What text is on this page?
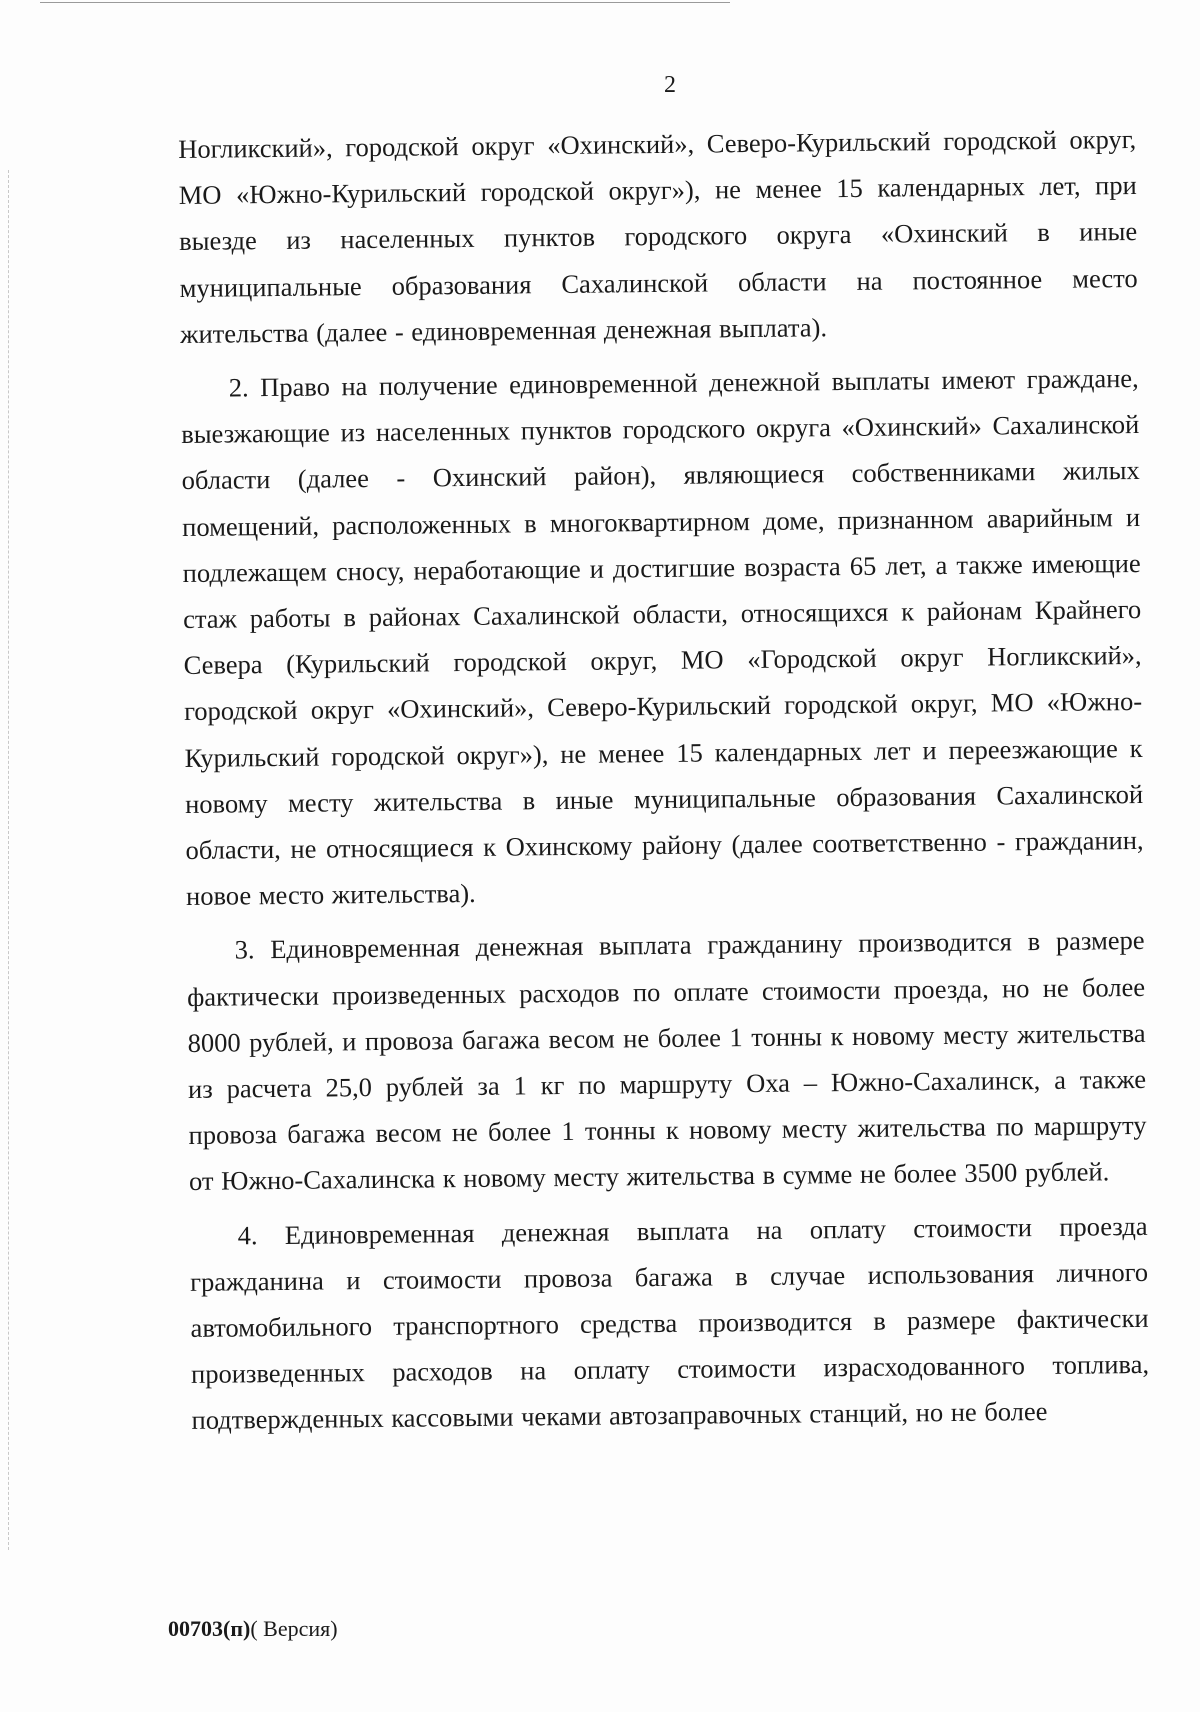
2

Ногликский», городской округ «Охинский», Северо-Курильский городской округ, МО «Южно-Курильский городской округ»), не менее 15 календарных лет, при выезде из населенных пунктов городского округа «Охинский в иные муниципальные образования Сахалинской области на постоянное место жительства (далее - единовременная денежная выплата).

2. Право на получение единовременной денежной выплаты имеют граждане, выезжающие из населенных пунктов городского округа «Охинский» Сахалинской области (далее - Охинский район), являющиеся собственниками жилых помещений, расположенных в многоквартирном доме, признанном аварийным и подлежащем сносу, неработающие и достигшие возраста 65 лет, а также имеющие стаж работы в районах Сахалинской области, относящихся к районам Крайнего Севера (Курильский городской округ, МО «Городской округ Ногликский», городской округ «Охинский», Северо-Курильский городской округ, МО «Южно-Курильский городской округ»), не менее 15 календарных лет и переезжающие к новому месту жительства в иные муниципальные образования Сахалинской области, не относящиеся к Охинскому району (далее соответственно - гражданин, новое место жительства).

3. Единовременная денежная выплата гражданину производится в размере фактически произведенных расходов по оплате стоимости проезда, но не более 8000 рублей, и провоза багажа весом не более 1 тонны к новому месту жительства из расчета 25,0 рублей за 1 кг по маршруту Оха – Южно-Сахалинск, а также провоза багажа весом не более 1 тонны к новому месту жительства по маршруту от Южно-Сахалинска к новому месту жительства в сумме не более 3500 рублей.

4. Единовременная денежная выплата на оплату стоимости проезда гражданина и стоимости провоза багажа в случае использования личного автомобильного транспортного средства производится в размере фактически произведенных расходов на оплату стоимости израсходованного топлива, подтвержденных кассовыми чеками автозаправочных станций, но не более

00703(п)( Версия)
